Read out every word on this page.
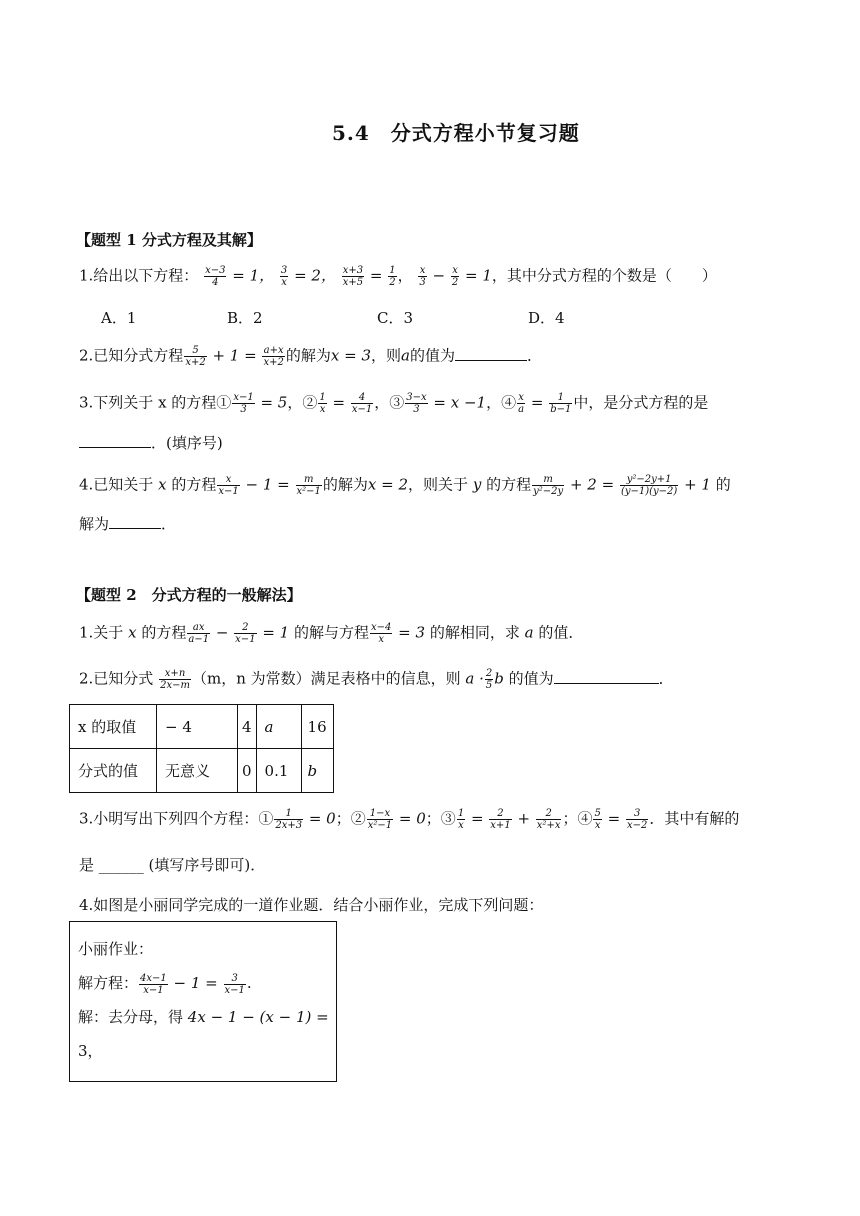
5.4　分式方程小节复习题
【题型 1 分式方程及其解】
1.给出以下方程： $\frac{x-3}{4} = 1$， $\frac{3}{x} = 2$， $\frac{x+3}{x+5} = \frac{1}{2}$ ， $\frac{x}{3} - \frac{x}{2} = 1$，其中分式方程的个数是（　　）
A．1	B．2	C．3	D．4
2.已知分式方程 $\frac{5}{x+2} + 1 = \frac{a+x}{x+2}$ 的解为x = 3，则a的值为	．
3.下列关于 x 的方程① $\frac{x-1}{3} = 5$，② $\frac{1}{x} = \frac{4}{x-1}$ ，③ $\frac{3-x}{3} = x -1$，④ $\frac{x}{a} = \frac{1}{b-1}$ 中，是分式方程的是
．(填序号)
4.已知关于 x 的方程 $\frac{x}{x-1} - 1 = \frac{m}{\text{x²−1}}$ 的解为x = 2，则关于 y 的方程 $\frac{m}{\text{y²−2y}} + 2 = \frac{\text{y²−2y+1}}{(y-1)(y-2)} + 1$ 的
解为	．
【题型 2　分式方程的一般解法】
1.关于 x 的方程 $\frac{ax}{a-1} - \frac{2}{x-1} = 1$ 的解与方程 $\frac{x-4}{x} = 3$ 的解相同，求 a 的值．
2.已知分式 $\frac{x+n}{2x-m} (m$，n 为常数）满足表格中的信息，则 $a \cdot \frac{2}{5}$ b 的值为	．
x 的取值	− 4	4	a	16
分式的值	无意义	0	0.1	b
3.小明写出下列四个方程：① $\frac{1}{2x+3} = 0$；② $\frac{1-x}{\text{x²−1}} = 0$；③ $\frac{1}{x} = \frac{2}{x+1} + \frac{2}{\text{x²+x}}$ ；④ $\frac{5}{x} = \frac{3}{x-2}$ ．其中有解的
是 ______ (填写序号即可)．
4.如图是小丽同学完成的一道作业题．结合小丽作业，完成下列问题：
小丽作业：
解方程： $\frac{4x-1}{x-1} - 1 = \frac{3}{x-1}$ .
解：去分母，得 4x − 1 − (x − 1) =
3，
